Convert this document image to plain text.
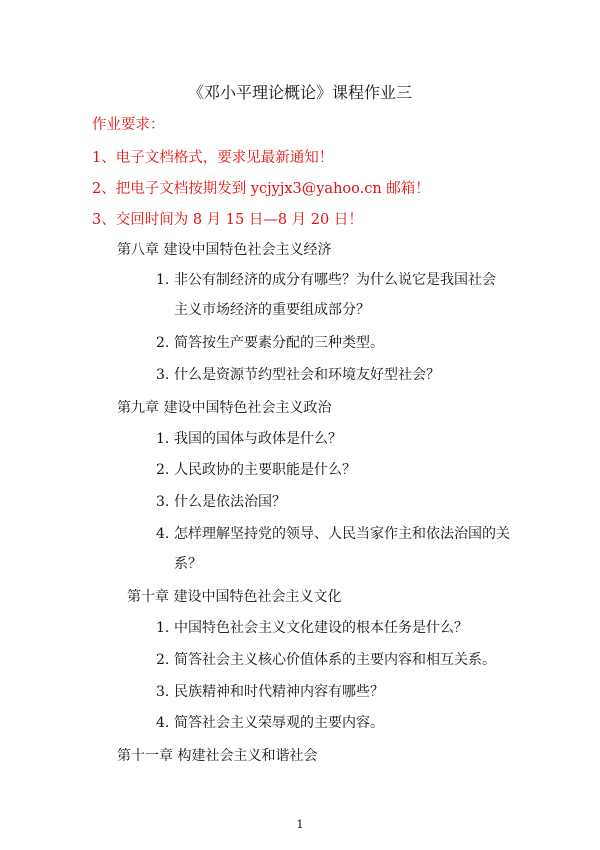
《邓小平理论概论》课程作业三
作业要求：
1、电子文档格式，要求见最新通知！
2、把电子文档按期发到 ycjyjx3@yahoo.cn 邮箱！
3、交回时间为 8 月 15 日—8 月 20 日！
第八章 建设中国特色社会主义经济
1. 非公有制经济的成分有哪些？为什么说它是我国社会
主义市场经济的重要组成部分？
2. 简答按生产要素分配的三种类型。
3. 什么是资源节约型社会和环境友好型社会？
第九章 建设中国特色社会主义政治
1. 我国的国体与政体是什么？
2. 人民政协的主要职能是什么？
3. 什么是依法治国？
4. 怎样理解坚持党的领导、人民当家作主和依法治国的关
系？
第十章 建设中国特色社会主义文化
1. 中国特色社会主义文化建设的根本任务是什么？
2. 简答社会主义核心价值体系的主要内容和相互关系。
3. 民族精神和时代精神内容有哪些？
4. 简答社会主义荣辱观的主要内容。
第十一章 构建社会主义和谐社会
1
